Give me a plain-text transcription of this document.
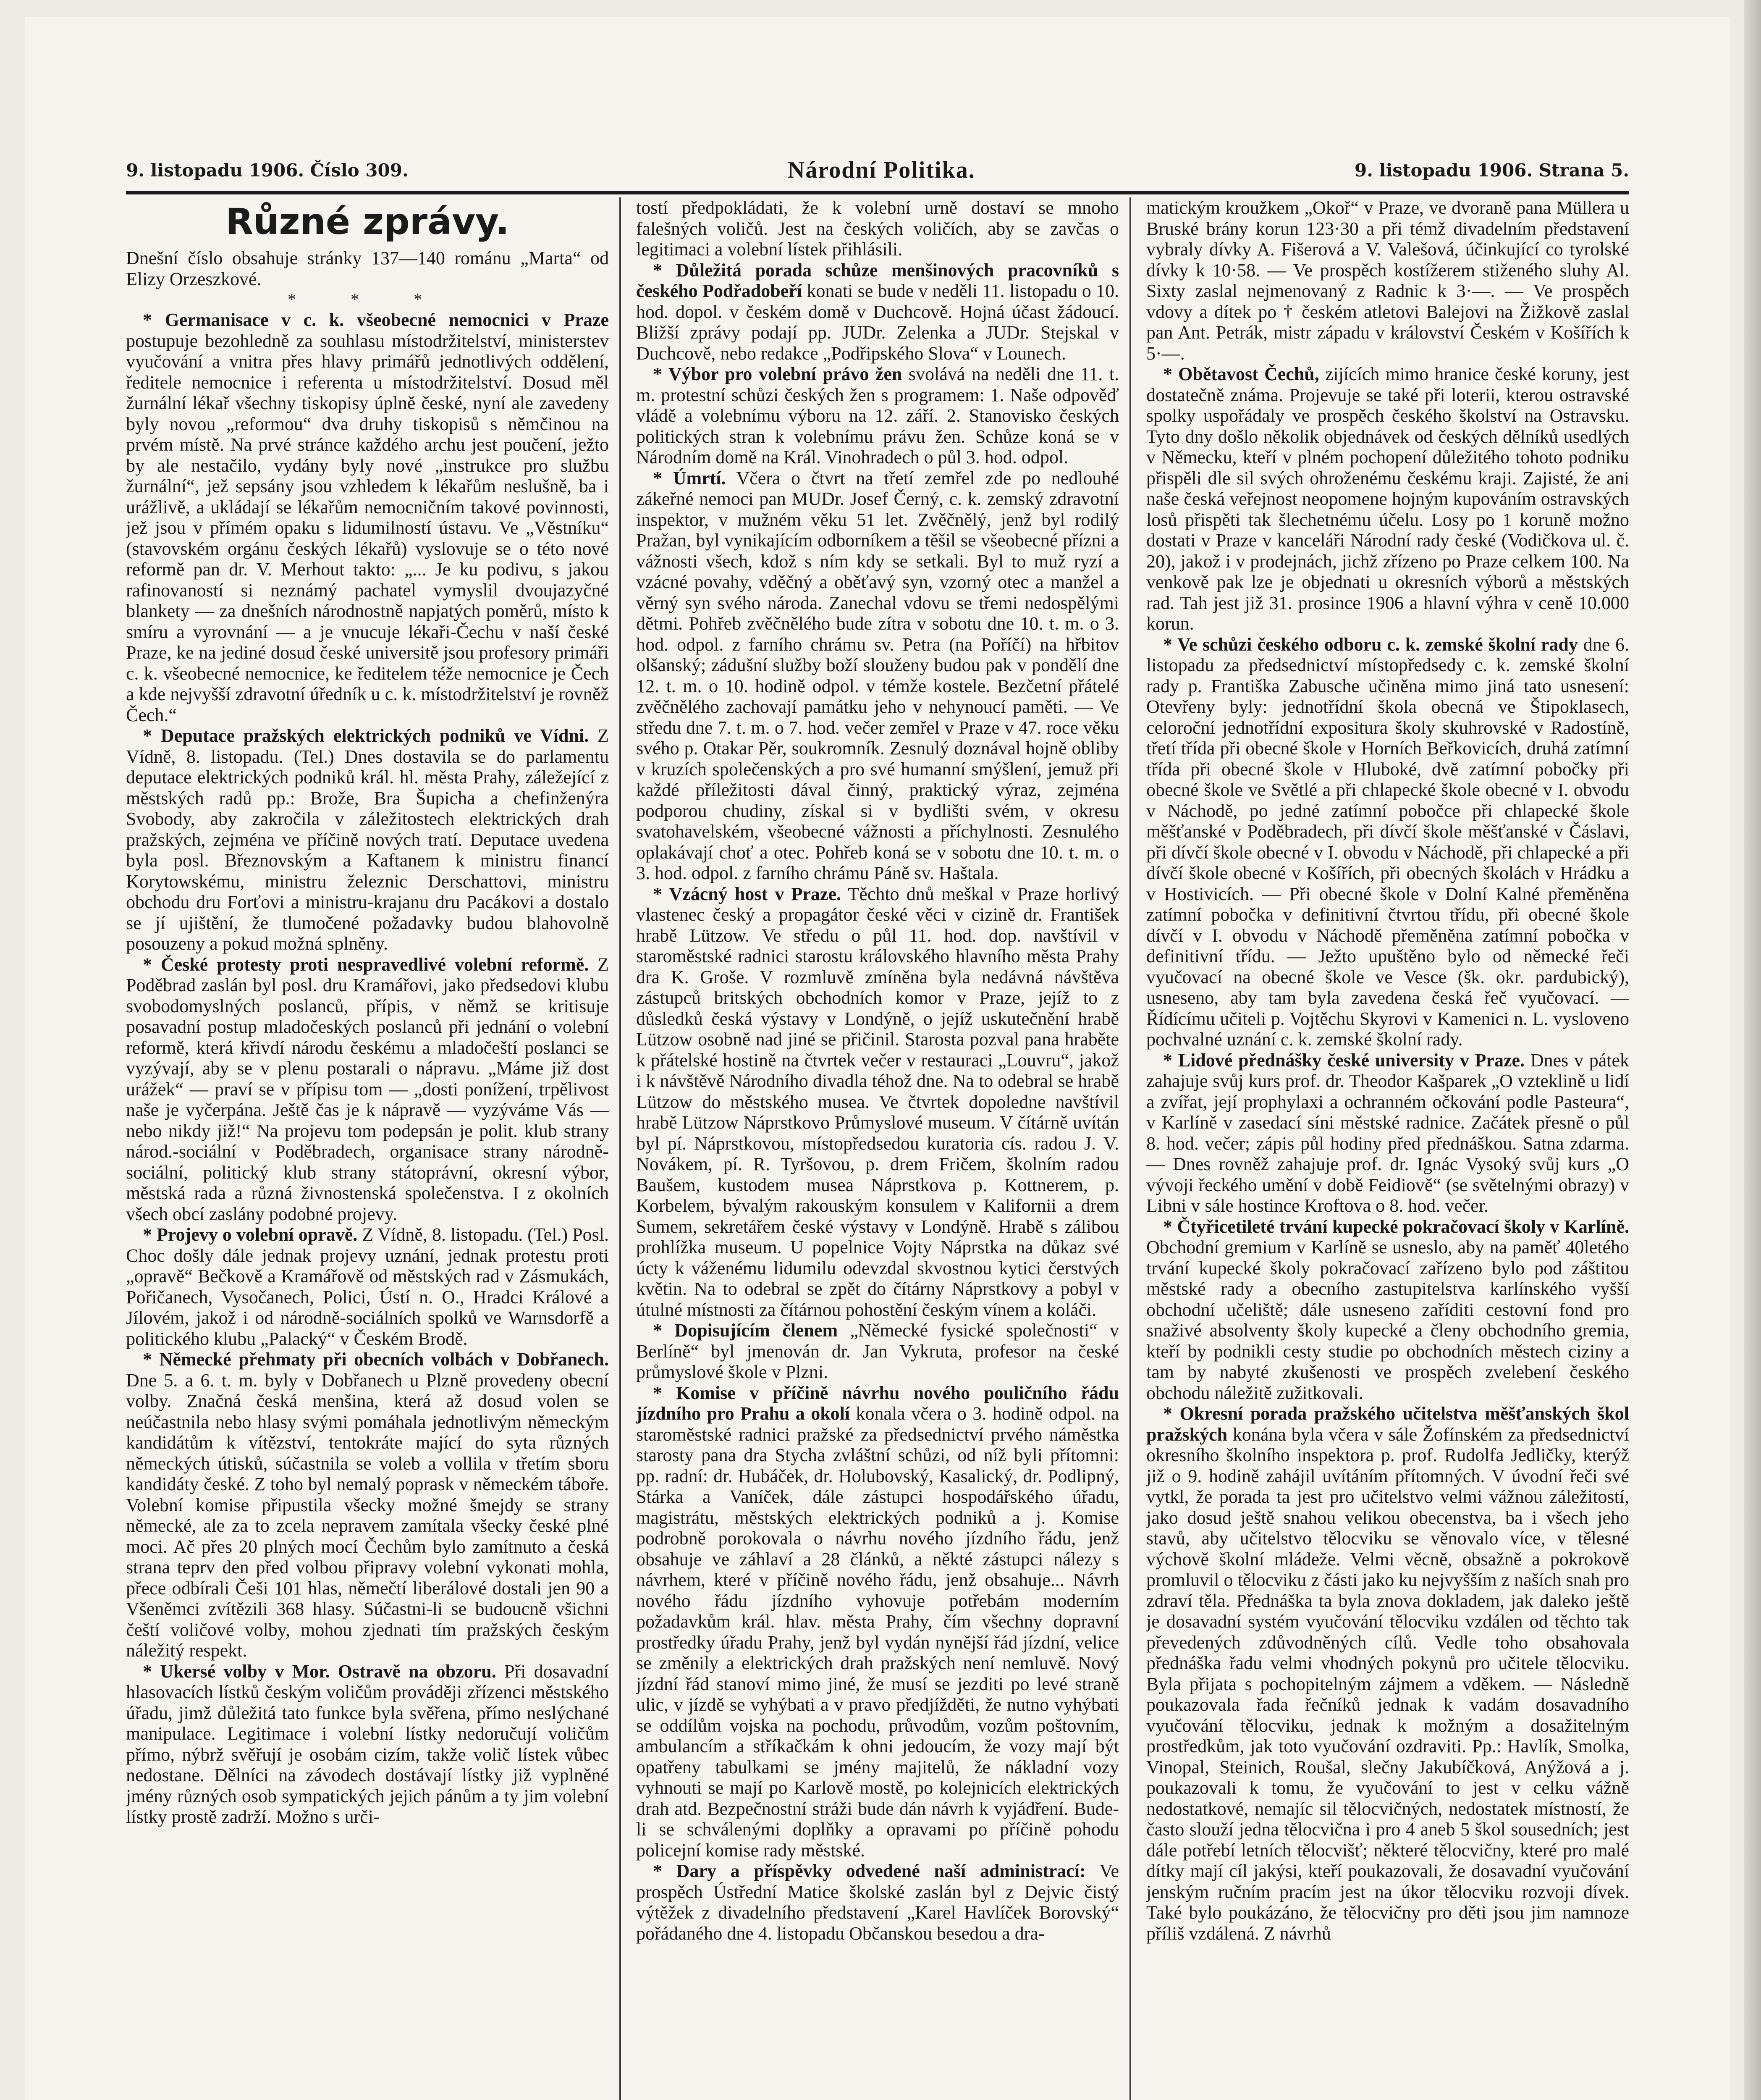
9. listopadu 1906. Číslo 309.	Národní Politika.	9. listopadu 1906. Strana 5.
Různé zprávy.

Dnešní číslo obsahuje stránky 137—140 románu „Marta“ od Elizy Orzeszkové.

* * *

* Germanisace v c. k. všeobecné nemocnici v Praze postupuje bezohledně za souhlasu místodržitelství, ministerstev vyučování a vnitra přes hlavy primářů jednotlivých oddělení, ředitele nemocnice i referenta u místodržitelství. Dosud měl žurnální lékař všechny tiskopisy úplně české, nyní ale zavedeny byly novou „reformou“ dva druhy tiskopisů s němčinou na prvém místě. Na prvé stránce každého archu jest poučení, ježto by ale nestačilo, vydány byly nové „instrukce pro službu žurnální“, jež sepsány jsou vzhledem k lékařům neslušně, ba i urážlivě, a ukládají se lékařům nemocničním takové povinnosti, jež jsou v přímém opaku s lidumilností ústavu. Ve „Věstníku“ (stavovském orgánu českých lékařů) vyslovuje se o této nové reformě pan dr. V. Merhout takto: „... Je ku podivu, s jakou rafinovaností si neznámý pachatel vymyslil dvoujazyčné blankety — za dnešních národnostně napjatých poměrů, místo k smíru a vyrovnání — a je vnucuje lékaři-Čechu v naší české Praze, ke na jediné dosud české universitě jsou profesory primáři c. k. všeobecné nemocnice, ke ředitelem téže nemocnice je Čech a kde nejvyšší zdravotní úředník u c. k. místodržitelství je rovněž Čech.“

* Deputace pražských elektrických podniků ve Vídni. Z Vídně, 8. listopadu. (Tel.) Dnes dostavila se do parlamentu deputace elektrických podniků král. hl. města Prahy, záležející z městských radů pp.: Brože, Bra Šupicha a chefinženýra Svobody, aby zakročila v záležitostech elektrických drah pražských, zejména ve příčině nových tratí. Deputace uvedena byla posl. Březnovským a Kaftanem k ministru financí Korytowskému, ministru železnic Derschattovi, ministru obchodu dru Forťovi a ministru-krajanu dru Pacákovi a dostalo se jí ujištění, že tlumočené požadavky budou blahovolně posouzeny a pokud možná splněny.

* České protesty proti nespravedlivé volební reformě. Z Poděbrad zaslán byl posl. dru Kramářovi, jako předsedovi klubu svobodomyslných poslanců, přípis, v němž se kritisuje posavadní postup mladočeských poslanců při jednání o volební reformě, která křivdí národu českému a mladočeští poslanci se vyzývají, aby se v plenu postarali o nápravu. „Máme již dost urážek“ — praví se v přípisu tom — „dosti ponížení, trpělivost naše je vyčerpána. Ještě čas je k nápravě — vyzýváme Vás — nebo nikdy již!“ Na projevu tom podepsán je polit. klub strany národ.-sociální v Poděbradech, organisace strany národně-sociální, politický klub strany státoprávní, okresní výbor, městská rada a různá živnostenská společenstva. I z okolních všech obcí zaslány podobné projevy.

* Projevy o volební opravě. Z Vídně, 8. listopadu. (Tel.) Posl. Choc došly dále jednak projevy uznání, jednak protestu proti „opravě“ Bečkově a Kramářově od městských rad v Zásmukách, Pořičanech, Vysočanech, Polici, Ústí n. O., Hradci Králové a Jílovém, jakož i od národně-sociálních spolků ve Warnsdorfě a politického klubu „Palacký“ v Českém Brodě.

* Německé přehmaty při obecních volbách v Dobřanech. Dne 5. a 6. t. m. byly v Dobřanech u Plzně provedeny obecní volby. Značná česká menšina, která až dosud volen se neúčastnila nebo hlasy svými pomáhala jednotlivým německým kandidátům k vítězství, tentokráte mající do syta různých německých útisků, súčastnila se voleb a vollila v třetím sboru kandidáty české. Z toho byl nemalý poprask v německém táboře. Volební komise připustila všecky možné šmejdy se strany německé, ale za to zcela nepravem zamítala všecky české plné moci. Ač přes 20 plných mocí Čechům bylo zamítnuto a česká strana teprv den před volbou připravy volební vykonati mohla, přece odbírali Češi 101 hlas, němečtí liberálové dostali jen 90 a Všeněmci zvítězili 368 hlasy. Súčastni-li se budoucně všichni čeští voličové volby, mohou zjednati tím pražských českým náležitý respekt.

* Ukersé volby v Mor. Ostravě na obzoru. Při dosavadní hlasovacích lístků českým voličům prováději zřízenci městského úřadu, jimž důležitá tato funkce byla svěřena, přímo neslýchané manipulace. Legitimace i volební lístky nedoručují voličům přímo, nýbrž svěřují je osobám cizím, takže volič lístek vůbec nedostane. Dělníci na závodech dostávají lístky již vyplněné jmény různých osob sympatických jejich pánům a ty jim volební lístky prostě zadrží. Možno s urči-

tostí předpokládati, že k volební urně dostaví se mnoho falešných voličů. Jest na českých voličích, aby se zavčas o legitimaci a volební lístek přihlásili.

* Důležitá porada schůze menšinových pracovníků s českého Podřadobeří konati se bude v neděli 11. listopadu o 10. hod. dopol. v českém domě v Duchcově. Hojná účast žádoucí. Bližší zprávy podají pp. JUDr. Zelenka a JUDr. Stejskal v Duchcově, nebo redakce „Podřipského Slova“ v Lounech.

* Výbor pro volební právo žen svolává na neděli dne 11. t. m. protestní schůzi českých žen s programem: 1. Naše odpověď vládě a volebnímu výboru na 12. září. 2. Stanovisko českých politických stran k volebnímu právu žen. Schůze koná se v Národním domě na Král. Vinohradech o půl 3. hod. odpol.

* Úmrtí. Včera o čtvrt na třetí zemřel zde po nedlouhé zákeřné nemoci pan MUDr. Josef Černý, c. k. zemský zdravotní inspektor, v mužném věku 51 let. Zvěčnělý, jenž byl rodilý Pražan, byl vynikajícím odborníkem a těšil se všeobecné přízni a vážnosti všech, kdož s ním kdy se setkali. Byl to muž ryzí a vzácné povahy, vděčný a oběťavý syn, vzorný otec a manžel a věrný syn svého národa. Zanechal vdovu se třemi nedospělými dětmi. Pohřeb zvěčnělého bude zítra v sobotu dne 10. t. m. o 3. hod. odpol. z farního chrámu sv. Petra (na Poříčí) na hřbitov olšanský; zádušní služby boží slouženy budou pak v pondělí dne 12. t. m. o 10. hodině odpol. v témže kostele. Bezčetní přátelé zvěčnělého zachovají památku jeho v nehynoucí paměti. — Ve středu dne 7. t. m. o 7. hod. večer zemřel v Praze v 47. roce věku svého p. Otakar Pěr, soukromník. Zesnulý doznával hojně obliby v kruzích společenských a pro své humanní smýšlení, jemuž při každé příležitosti dával činný, praktický výraz, zejména podporou chudiny, získal si v bydlišti svém, v okresu svatohavelském, všeobecné vážnosti a příchylnosti. Zesnulého oplakávají choť a otec. Pohřeb koná se v sobotu dne 10. t. m. o 3. hod. odpol. z farního chrámu Páně sv. Haštala.

* Vzácný host v Praze. Těchto dnů meškal v Praze horlivý vlastenec český a propagátor české věci v cizině dr. František hrabě Lützow. Ve středu o půl 11. hod. dop. navštívil v staroměstské radnici starostu královského hlavního města Prahy dra K. Groše. V rozmluvě zmíněna byla nedávná návštěva zástupců britských obchodních komor v Praze, jejíž to z důsledků česká výstavy v Londýně, o jejíž uskutečnění hrabě Lützow osobně nad jiné se přičinil. Starosta pozval pana hraběte k přátelské hostině na čtvrtek večer v restauraci „Louvru“, jakož i k návštěvě Národního divadla téhož dne. Na to odebral se hrabě Lützow do městského musea. Ve čtvrtek dopoledne navštívil hrabě Lützow Náprstkovo Průmyslové museum. V čítárně uvítán byl pí. Náprstkovou, místopředsedou kuratoria cís. radou J. V. Novákem, pí. R. Tyršovou, p. drem Fričem, školním radou Baušem, kustodem musea Náprstkova p. Kottnerem, p. Korbelem, bývalým rakouským konsulem v Kalifornii a drem Sumem, sekretářem české výstavy v Londýně. Hrabě s zálibou prohlížka museum. U popelnice Vojty Náprstka na důkaz své úcty k váženému lidumilu odevzdal skvostnou kytici čerstvých květin. Na to odebral se zpět do čítárny Náprstkovy a pobyl v útulné místnosti za čítárnou pohostění českým vínem a koláči.

* Dopisujícím členem „Německé fysické společnosti“ v Berlíně“ byl jmenován dr. Jan Vykruta, profesor na české průmyslové škole v Plzni.

* Komise v příčině návrhu nového pouličního řádu jízdního pro Prahu a okolí konala včera o 3. hodině odpol. na staroměstské radnici pražské za předsednictví prvého náměstka starosty pana dra Stycha zvláštní schůzi, od níž byli přítomni: pp. radní: dr. Hubáček, dr. Holubovský, Kasalický, dr. Podlipný, Stárka a Vaníček, dále zástupci hospodářského úřadu, magistrátu, městských elektrických podniků a j. Komise podrobně porokovala o návrhu nového jízdního řádu, jenž obsahuje ve záhlaví a 28 článků, a někté zástupci nálezy s návrhem, které v příčině nového řádu, jenž obsahuje... Návrh nového řádu jízdního vyhovuje potřebám moderním požadavkům král. hlav. města Prahy, čím všechny dopravní prostředky úřadu Prahy, jenž byl vydán nynější řád jízdní, velice se změnily a elektrických drah pražských není nemluvě. Nový jízdní řád stanoví mimo jiné, že musí se jezditi po levé straně ulic, v jízdě se vyhýbati a v pravo předjížděti, že nutno vyhýbati se oddílům vojska na pochodu, průvodům, vozům poštovním, ambulancím a stříkačkám k ohni jedoucím, že vozy mají být opatřeny tabulkami se jmény majitelů, že nákladní vozy vyhnouti se mají po Karlově mostě, po kolejnicích elektrických drah atd. Bezpečnostní stráži bude dán návrh k vyjádření. Bude-li se schválenými doplňky a opravami po příčině pohodu policejní komise rady městské.

* Dary a příspěvky odvedené naší administrací: Ve prospěch Ústřední Matice školské zaslán byl z Dejvic čistý výtěžek z divadelního představení „Karel Havlíček Borovský“ pořádaného dne 4. listopadu Občanskou besedou a dra-

matickým kroužkem „Okoř“ v Praze, ve dvoraně pana Müllera u Bruské brány korun 123·30 a při témž divadelním představení vybraly dívky A. Fišerová a V. Valešová, účinkující co tyrolské dívky k 10·58. — Ve prospěch kostížerem stiženého sluhy Al. Sixty zaslal nejmenovaný z Radnic k 3·—. — Ve prospěch vdovy a dítek po † českém atletovi Balejovi na Žižkově zaslal pan Ant. Petrák, mistr západu v království Českém v Košířích k 5·—.

* Obětavost Čechů, zijících mimo hranice české koruny, jest dostatečně známa. Projevuje se také při loterii, kterou ostravské spolky uspořádaly ve prospěch českého školství na Ostravsku. Tyto dny došlo několik objednávek od českých dělníků usedlých v Německu, kteří v plném pochopení důležitého tohoto podniku přispěli dle sil svých ohroženému českému kraji. Zajisté, že ani naše česká veřejnost neopomene hojným kupováním ostravských losů přispěti tak šlechetnému účelu. Losy po 1 koruně možno dostati v Praze v kanceláři Národní rady české (Vodičkova ul. č. 20), jakož i v prodejnách, jichž zřízeno po Praze celkem 100. Na venkově pak lze je objednati u okresních výborů a městských rad. Tah jest již 31. prosince 1906 a hlavní výhra v ceně 10.000 korun.

* Ve schůzi českého odboru c. k. zemské školní rady dne 6. listopadu za předsednictví místopředsedy c. k. zemské školní rady p. Františka Zabusche učiněna mimo jiná tato usnesení: Otevřeny byly: jednotřídní škola obecná ve Štipoklasech, celoroční jednotřídní expositura školy skuhrovské v Radostíně, třetí třída při obecné škole v Horních Beřkovicích, druhá zatímní třída při obecné škole v Hluboké, dvě zatímní pobočky při obecné škole ve Světlé a při chlapecké škole obecné v I. obvodu v Náchodě, po jedné zatímní pobočce při chlapecké škole měšťanské v Poděbradech, při dívčí škole měšťanské v Čáslavi, při dívčí škole obecné v I. obvodu v Náchodě, při chlapecké a při dívčí škole obecné v Košířích, při obecných školách v Hrádku a v Hostivicích. — Při obecné škole v Dolní Kalné přeměněna zatímní pobočka v definitivní čtvrtou třídu, při obecné škole dívčí v I. obvodu v Náchodě přeměněna zatímní pobočka v definitivní třídu. — Ježto upuštěno bylo od německé řeči vyučovací na obecné škole ve Vesce (šk. okr. pardubický), usneseno, aby tam byla zavedena česká řeč vyučovací. — Řídícímu učiteli p. Vojtěchu Skyrovi v Kamenici n. L. vysloveno pochvalné uznání c. k. zemské školní rady.

* Lidové přednášky české university v Praze. Dnes v pátek zahajuje svůj kurs prof. dr. Theodor Kašparek „O vzteklině u lidí a zvířat, její prophylaxi a ochranném očkování podle Pasteura“, v Karlíně v zasedací síni městské radnice. Začátek přesně o půl 8. hod. večer; zápis půl hodiny před přednáškou. Satna zdarma. — Dnes rovněž zahajuje prof. dr. Ignác Vysoký svůj kurs „O vývoji řeckého umění v době Feidiově“ (se světelnými obrazy) v Libni v sále hostince Kroftova o 8. hod. večer.

* Čtyřicetileté trvání kupecké pokračovací školy v Karlíně. Obchodní gremium v Karlíně se usneslo, aby na paměť 40letého trvání kupecké školy pokračovací zařízeno bylo pod záštitou městské rady a obecního zastupitelstva karlínského vyšší obchodní učeliště; dále usneseno zaříditi cestovní fond pro snaživé absolventy školy kupecké a členy obchodního gremia, kteří by podnikli cesty studie po obchodních městech ciziny a tam by nabyté zkušenosti ve prospěch zvelebení českého obchodu náležitě zužitkovali.

* Okresní porada pražského učitelstva měšťanských škol pražských konána byla včera v sále Žofínském za předsednictví okresního školního inspektora p. prof. Rudolfa Jedličky, kterýž již o 9. hodině zahájil uvítáním přítomných. V úvodní řeči své vytkl, že porada ta jest pro učitelstvo velmi vážnou záležitostí, jako dosud ještě snahou velikou obecenstva, ba i všech jeho stavů, aby učitelstvo tělocviku se věnovalo více, v tělesné výchově školní mládeže. Velmi věcně, obsažně a pokrokově promluvil o tělocviku z části jako ku nejvyšším z naších snah pro zdraví těla. Přednáška ta byla znova dokladem, jak daleko ještě je dosavadní systém vyučování tělocviku vzdálen od těchto tak převedených zdůvodněných cílů. Vedle toho obsahovala přednáška řadu velmi vhodných pokynů pro učitele tělocviku. Byla přijata s pochopitelným zájmem a vděkem. — Následně poukazovala řada řečníků jednak k vadám dosavadního vyučování tělocviku, jednak k možným a dosažitelným prostředkům, jak toto vyučování ozdraviti. Pp.: Havlík, Smolka, Vinopal, Steinich, Roušal, slečny Jakubíčková, Anýžová a j. poukazovali k tomu, že vyučování to jest v celku vážně nedostatkové, nemajíc sil tělocvičných, nedostatek místností, že často slouží jedna tělocvična i pro 4 aneb 5 škol sousedních; jest dále potřebí letních tělocvišť; některé tělocvičny, které pro malé dítky mají cíl jakýsi, kteří poukazovali, že dosavadní vyučování jenským ručním pracím jest na úkor tělocviku rozvoji dívek. Také bylo poukázáno, že tělocvičny pro děti jsou jim namnoze příliš vzdálená. Z návrhů
